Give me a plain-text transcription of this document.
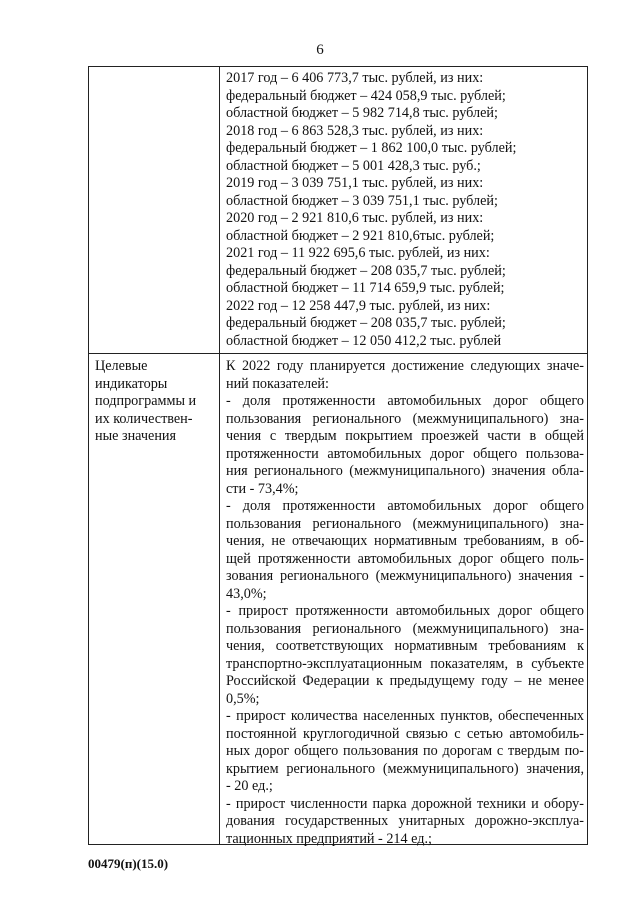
6
2017 год – 6 406 773,7 тыс. рублей, из них:
федеральный бюджет – 424 058,9 тыс. рублей;
областной бюджет – 5 982 714,8 тыс. рублей;
2018 год – 6 863 528,3 тыс. рублей, из них:
федеральный бюджет – 1 862 100,0 тыс. рублей;
областной бюджет – 5 001 428,3 тыс. руб.;
2019 год – 3 039 751,1 тыс. рублей, из них:
областной бюджет – 3 039 751,1 тыс. рублей;
2020 год – 2 921 810,6 тыс. рублей, из них:
областной бюджет – 2 921 810,6тыс. рублей;
2021 год – 11 922 695,6 тыс. рублей, из них:
федеральный бюджет – 208 035,7 тыс. рублей;
областной бюджет – 11 714 659,9 тыс. рублей;
2022 год – 12 258 447,9 тыс. рублей, из них:
федеральный бюджет – 208 035,7 тыс. рублей;
областной бюджет – 12 050 412,2 тыс. рублей
Целевые
индикаторы
подпрограммы и
их количествен-
ные значения
К 2022 году планируется достижение следующих значе-
ний показателей:
- доля протяженности автомобильных дорог общего
пользования регионального (межмуниципального) зна-
чения с твердым покрытием проезжей части в общей
протяженности автомобильных дорог общего пользова-
ния регионального (межмуниципального) значения обла-
сти - 73,4%;
- доля протяженности автомобильных дорог общего
пользования регионального (межмуниципального) зна-
чения, не отвечающих нормативным требованиям, в об-
щей протяженности автомобильных дорог общего поль-
зования регионального (межмуниципального) значения -
43,0%;
- прирост протяженности автомобильных дорог общего
пользования регионального (межмуниципального) зна-
чения, соответствующих нормативным требованиям к
транспортно-эксплуатационным показателям, в субъекте
Российской Федерации к предыдущему году – не менее
0,5%;
- прирост количества населенных пунктов, обеспеченных
постоянной круглогодичной связью с сетью автомобиль-
ных дорог общего пользования по дорогам с твердым по-
крытием регионального (межмуниципального) значения,
- 20 ед.;
- прирост численности парка дорожной техники и обору-
дования государственных унитарных дорожно-эксплуа-
тационных предприятий - 214 ед.;
00479(п)(15.0)
